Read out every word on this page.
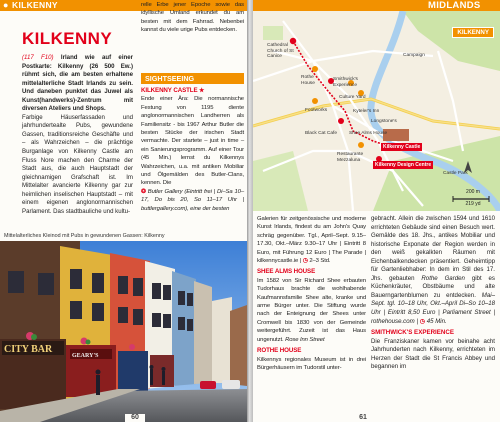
● KILKENNY
KILKENNY

(117 F10) Irland wie auf einer Postkarte: Kilkenny (26 500 Ew.) rühmt sich, die am besten erhaltene mittelalterliche Stadt Irlands zu sein. Und daneben punktet das Juwel als Kunst(handwerks)-Zentrum mit diversen Ateliers und Shops.

Farbige Häuserfassaden und jahrhundertealte Pubs, gewundene Gassen, traditionsreiche Geschäfte und – als Wahrzeichen – die prächtige Burganlage von Kilkenny Castle am Fluss Nore machen den Charme der Stadt aus, die auch Hauptstadt der gleichnamigen Grafschaft ist. Im Mittelalter avancierte Kilkenny gar zur heimlichen inselischen Hauptstadt – mit einem eigenen anglonormannischen Parlament. Das stadtbauliche und kultu-

relle Erbe jener Epoche sowie das idyllische Umland erkundet du am besten mit dem Fahrrad. Nebenbei kannst du viele urige Pubs entdecken.

SIGHTSEEING

KILKENNY CASTLE ★

Ende einer Ära: Die normannische Festung von 1195 diente anglonormannischen Landherren als Familiensitz - bis 1967 Arthur Butler die besten Stücke der irischen Stadt vermachte. Der startete – just in time – ein Sanierungsprogramm. Auf einer Tour (45 Min.) lernst du Kilkennys Wahrzeichen, u.a. mit antiken Mobiliar und Ölgemälden des Butler-Clans, kennen. Die

❂ Butler Gallery (Eintritt frei | Di–Sa 10–17, Do bis 20, So 11–17 Uhr | buttlergallery.com), eine der besten

Mittelalterliches Kleinod mit Pubs in gewundenen Gassen: Kilkenny
CITY BAR
GEARY'S
60
MIDLANDS
KILKENNY
Cathedral Church of St Canice	Campaign
Rothe House
Smithwick's Experience
Culture Yard
Footworks	Kyteler's Inn
Longstone's
Black Cat Cafe	Shee Alms House
Restaurante Mezzaluna
Kilkenny Castle
Kilkenny Design Centre
Castle Park
200 m
219 yd

Galerien für zeitgenössische und moderne Kunst Irlands, findest du am John's Quay schräg gegenüber. Tgl., April–Sept. 9.15–17.30, Okt.–März 9.30–17 Uhr | Eintritt 8 Euro, mit Führung 12 Euro | The Parade | kilkennycastle.ie | ◷ 2–3 Std.

SHEE ALMS HOUSE

Im 1582 von Sir Richard Shee erbauten Tudorhaus brachte die wohlhabende Kaufmannsfamilie Shee alte, kranke und arme Bürger unter. Die Stiftung wurde nach der Enteignung der Shees unter Cromwell bis 1830 von der Gemeinde weitergeführt. Zuzeit ist das Haus ungenutzt. Rose Inn Street

ROTHE HOUSE

Kilkennys regionales Museum ist in drei Bürgerhäusern im Tudorstil unter-

gebracht. Allein die zwischen 1594 und 1610 errichteten Gebäude sind einen Besuch wert. Gemälde des 18. Jhs., antikes Mobiliar und historische Exponate der Region werden in den weiß gekalkten Räumen mit Eichenbalkendecken präsentiert. Geheimtipp für Gartenliebhaber: In dem im Stil des 17. Jhs. gebauten Rothe Garden gibt es Küchenkräuter, Obstbäume und alte Bauerngartenblumen zu entdecken. Mai–Sept. tgl. 10–18 Uhr, Okt.–April Di–So 10–18 Uhr | Eintritt 8,50 Euro | Parliament Street | rothehouse.com | ◷ 45 Min.

SMITHWICK'S EXPERIENCE

Die Franziskaner kamen vor beinahe acht Jahrhunderten nach Kilkenny, errichteten im Herzen der Stadt die St Francis Abbey und begannen im

61
